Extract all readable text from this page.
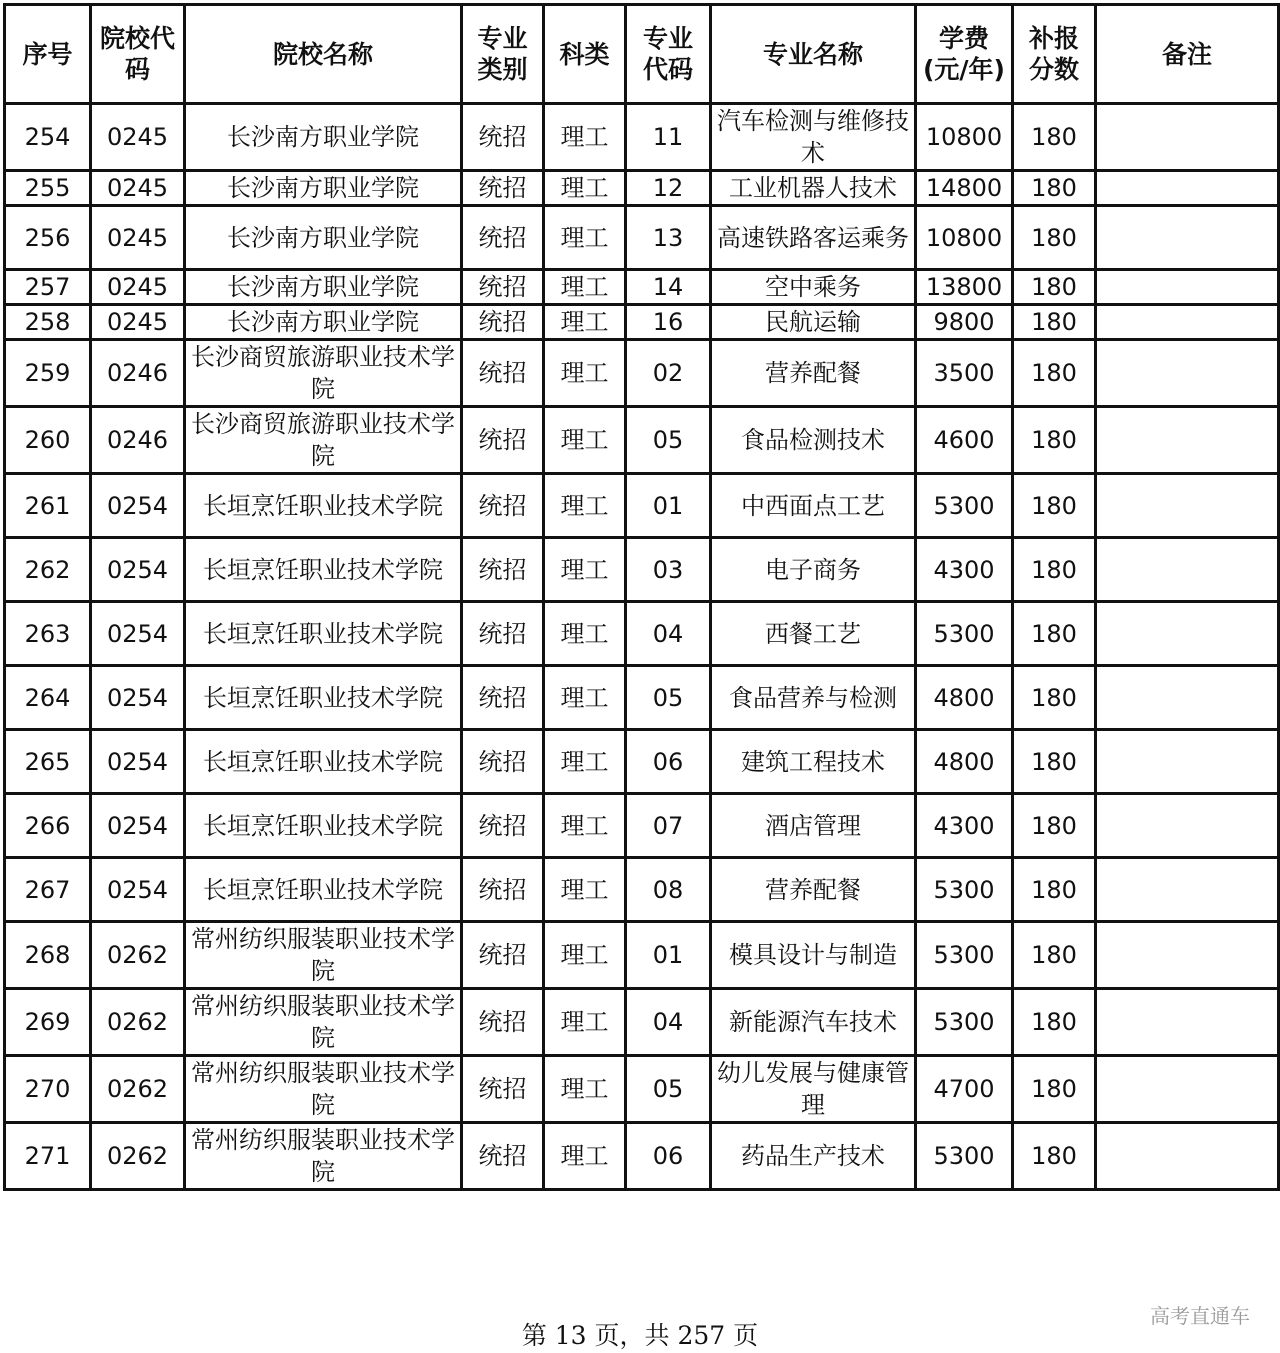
序号	院校代码	院校名称	专业类别	科类	专业代码	专业名称	学费(元/年)	补报分数	备注
254	0245	长沙南方职业学院	统招	理工	11	汽车检测与维修技术	10800	180	
255	0245	长沙南方职业学院	统招	理工	12	工业机器人技术	14800	180	
256	0245	长沙南方职业学院	统招	理工	13	高速铁路客运乘务	10800	180	
257	0245	长沙南方职业学院	统招	理工	14	空中乘务	13800	180	
258	0245	长沙南方职业学院	统招	理工	16	民航运输	9800	180	
259	0246	长沙商贸旅游职业技术学院	统招	理工	02	营养配餐	3500	180	
260	0246	长沙商贸旅游职业技术学院	统招	理工	05	食品检测技术	4600	180	
261	0254	长垣烹饪职业技术学院	统招	理工	01	中西面点工艺	5300	180	
262	0254	长垣烹饪职业技术学院	统招	理工	03	电子商务	4300	180	
263	0254	长垣烹饪职业技术学院	统招	理工	04	西餐工艺	5300	180	
264	0254	长垣烹饪职业技术学院	统招	理工	05	食品营养与检测	4800	180	
265	0254	长垣烹饪职业技术学院	统招	理工	06	建筑工程技术	4800	180	
266	0254	长垣烹饪职业技术学院	统招	理工	07	酒店管理	4300	180	
267	0254	长垣烹饪职业技术学院	统招	理工	08	营养配餐	5300	180	
268	0262	常州纺织服装职业技术学院	统招	理工	01	模具设计与制造	5300	180	
269	0262	常州纺织服装职业技术学院	统招	理工	04	新能源汽车技术	5300	180	
270	0262	常州纺织服装职业技术学院	统招	理工	05	幼儿发展与健康管理	4700	180	
271	0262	常州纺织服装职业技术学院	统招	理工	06	药品生产技术	5300	180	
第 13 页，共 257 页
高考直通车
